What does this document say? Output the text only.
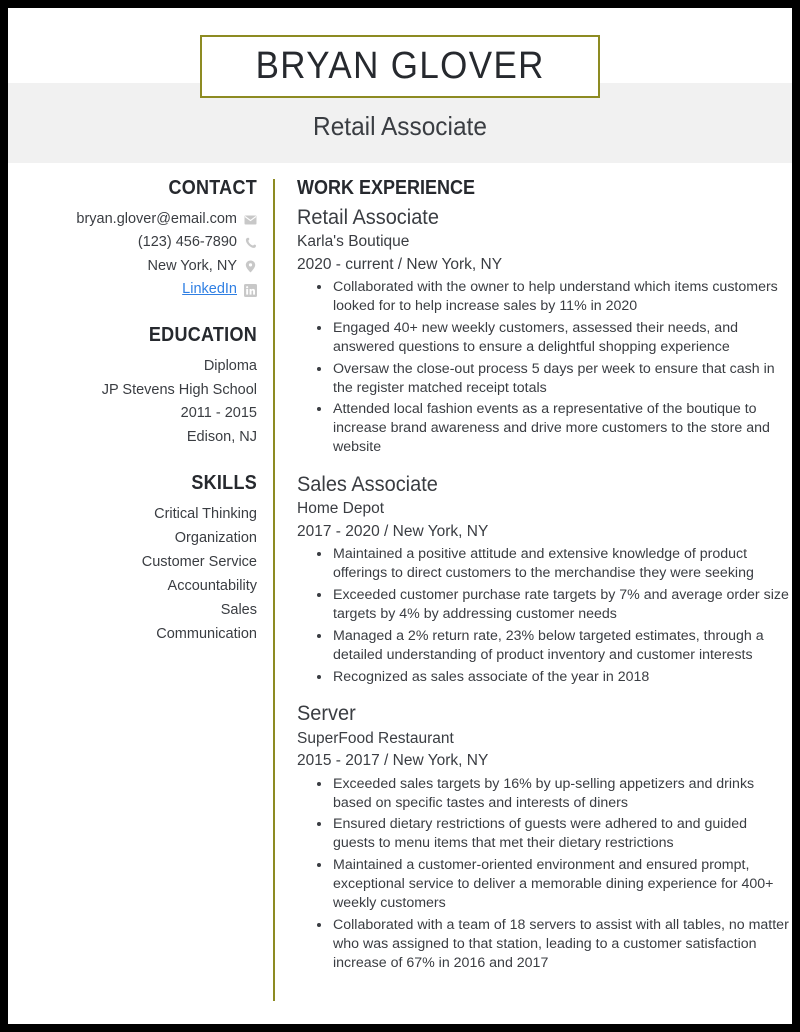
BRYAN GLOVER
Retail Associate
CONTACT
bryan.glover@email.com
(123) 456-7890
New York, NY
LinkedIn
EDUCATION
Diploma
JP Stevens High School
2011 - 2015
Edison, NJ
SKILLS
Critical Thinking
Organization
Customer Service
Accountability
Sales
Communication
WORK EXPERIENCE
Retail Associate
Karla's Boutique
2020 - current / New York, NY
Collaborated with the owner to help understand which items customers looked for to help increase sales by 11% in 2020
Engaged 40+ new weekly customers, assessed their needs, and answered questions to ensure a delightful shopping experience
Oversaw the close-out process 5 days per week to ensure that cash in the register matched receipt totals
Attended local fashion events as a representative of the boutique to increase brand awareness and drive more customers to the store and website
Sales Associate
Home Depot
2017 - 2020 / New York, NY
Maintained a positive attitude and extensive knowledge of product offerings to direct customers to the merchandise they were seeking
Exceeded customer purchase rate targets by 7% and average order size targets by 4% by addressing customer needs
Managed a 2% return rate, 23% below targeted estimates, through a detailed understanding of product inventory and customer interests
Recognized as sales associate of the year in 2018
Server
SuperFood Restaurant
2015 - 2017 / New York, NY
Exceeded sales targets by 16% by up-selling appetizers and drinks based on specific tastes and interests of diners
Ensured dietary restrictions of guests were adhered to and guided guests to menu items that met their dietary restrictions
Maintained a customer-oriented environment and ensured prompt, exceptional service to deliver a memorable dining experience for 400+ weekly customers
Collaborated with a team of 18 servers to assist with all tables, no matter who was assigned to that station, leading to a customer satisfaction increase of 67% in 2016 and 2017
